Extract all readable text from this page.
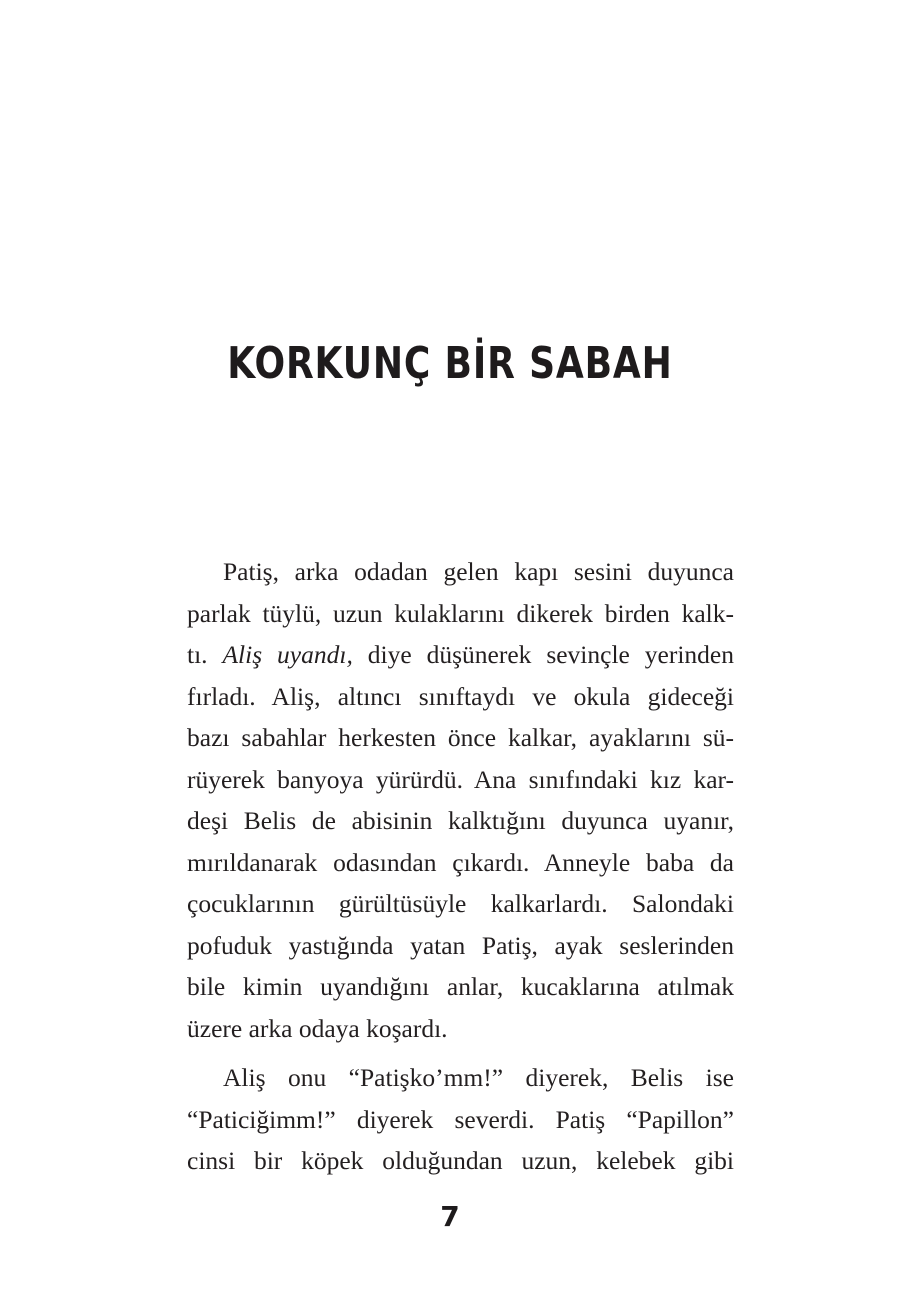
KORKUNÇ BİR SABAH

Patiş, arka odadan gelen kapı sesini duyunca
parlak tüylü, uzun kulaklarını dikerek birden kalk-
tı. Aliş uyandı, diye düşünerek sevinçle yerinden
fırladı. Aliş, altıncı sınıftaydı ve okula gideceği
bazı sabahlar herkesten önce kalkar, ayaklarını sü-
rüyerek banyoya yürürdü. Ana sınıfındaki kız kar-
deşi Belis de abisinin kalktığını duyunca uyanır,
mırıldanarak odasından çıkardı. Anneyle baba da
çocuklarının gürültüsüyle kalkarlardı. Salondaki
pofuduk yastığında yatan Patiş, ayak seslerinden
bile kimin uyandığını anlar, kucaklarına atılmak
üzere arka odaya koşardı.

Aliş onu “Patişko’mm!” diyerek, Belis ise
“Paticiğimm!” diyerek severdi. Patiş “Papillon”
cinsi bir köpek olduğundan uzun, kelebek gibi

7
